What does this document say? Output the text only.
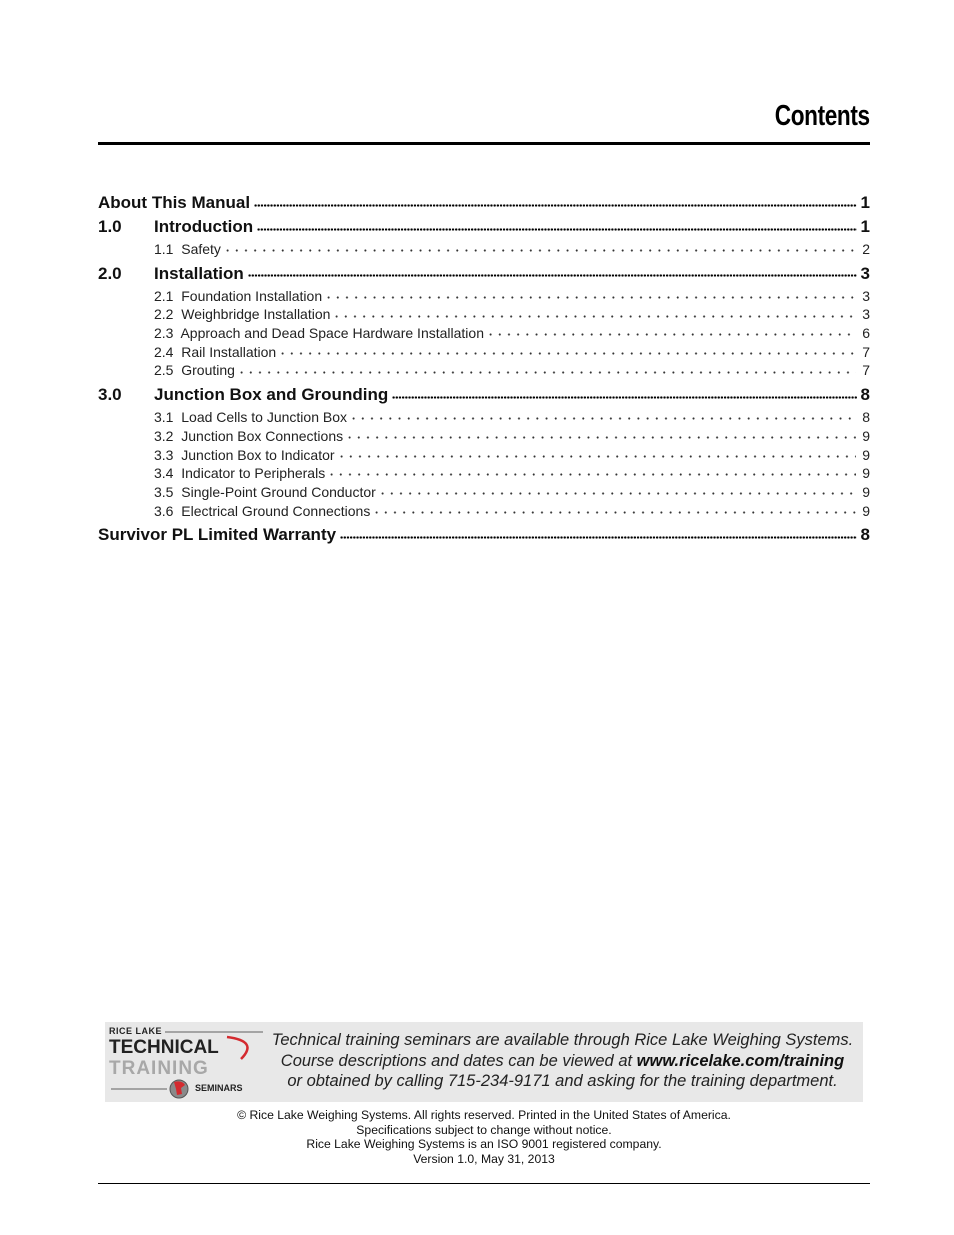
Contents
About This Manual	1
1.0	Introduction	1
1.1  Safety	2
2.0	Installation	3
2.1  Foundation Installation	3
2.2  Weighbridge Installation	3
2.3  Approach and Dead Space Hardware Installation	6
2.4  Rail Installation	7
2.5  Grouting	7
3.0	Junction Box and Grounding	8
3.1  Load Cells to Junction Box	8
3.2  Junction Box Connections	9
3.3  Junction Box to Indicator	9
3.4  Indicator to Peripherals	9
3.5  Single-Point Ground Conductor	9
3.6  Electrical Ground Connections	9
Survivor PL Limited Warranty	8
RICE LAKE
TECHNICAL
TRAINING
SEMINARS
Technical training seminars are available through Rice Lake Weighing Systems.
Course descriptions and dates can be viewed at www.ricelake.com/training
or obtained by calling 715-234-9171 and asking for the training department.
© Rice Lake Weighing Systems. All rights reserved. Printed in the United States of America.
Specifications subject to change without notice.
Rice Lake Weighing Systems is an ISO 9001 registered company.
Version 1.0, May 31, 2013
